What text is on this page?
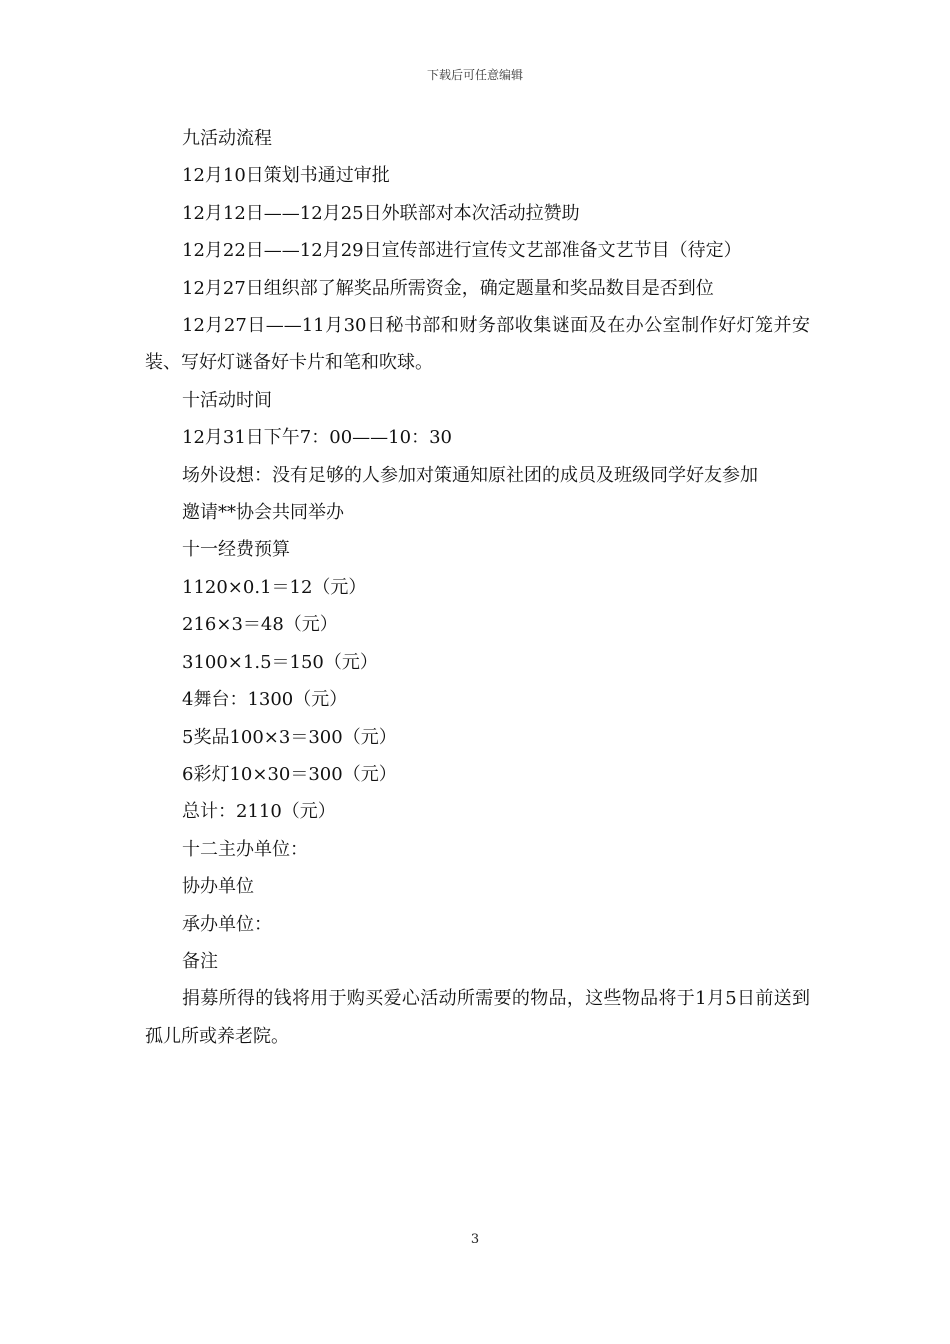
下载后可任意编辑
九活动流程
12月10日策划书通过审批
12月12日——12月25日外联部对本次活动拉赞助
12月22日——12月29日宣传部进行宣传文艺部准备文艺节目（待定）
12月27日组织部了解奖品所需资金，确定题量和奖品数目是否到位
12月27日——11月30日秘书部和财务部收集谜面及在办公室制作好灯笼并安装、写好灯谜备好卡片和笔和吹球。
十活动时间
12月31日下午7：00——10：30
场外设想：没有足够的人参加对策通知原社团的成员及班级同学好友参加
邀请**协会共同举办
十一经费预算
1120×0.1＝12（元）
216×3＝48（元）
3100×1.5＝150（元）
4舞台：1300（元）
5奖品100×3＝300（元）
6彩灯10×30＝300（元）
总计：2110（元）
十二主办单位：
协办单位
承办单位：
备注
捐募所得的钱将用于购买爱心活动所需要的物品，这些物品将于1月5日前送到孤儿所或养老院。
3
